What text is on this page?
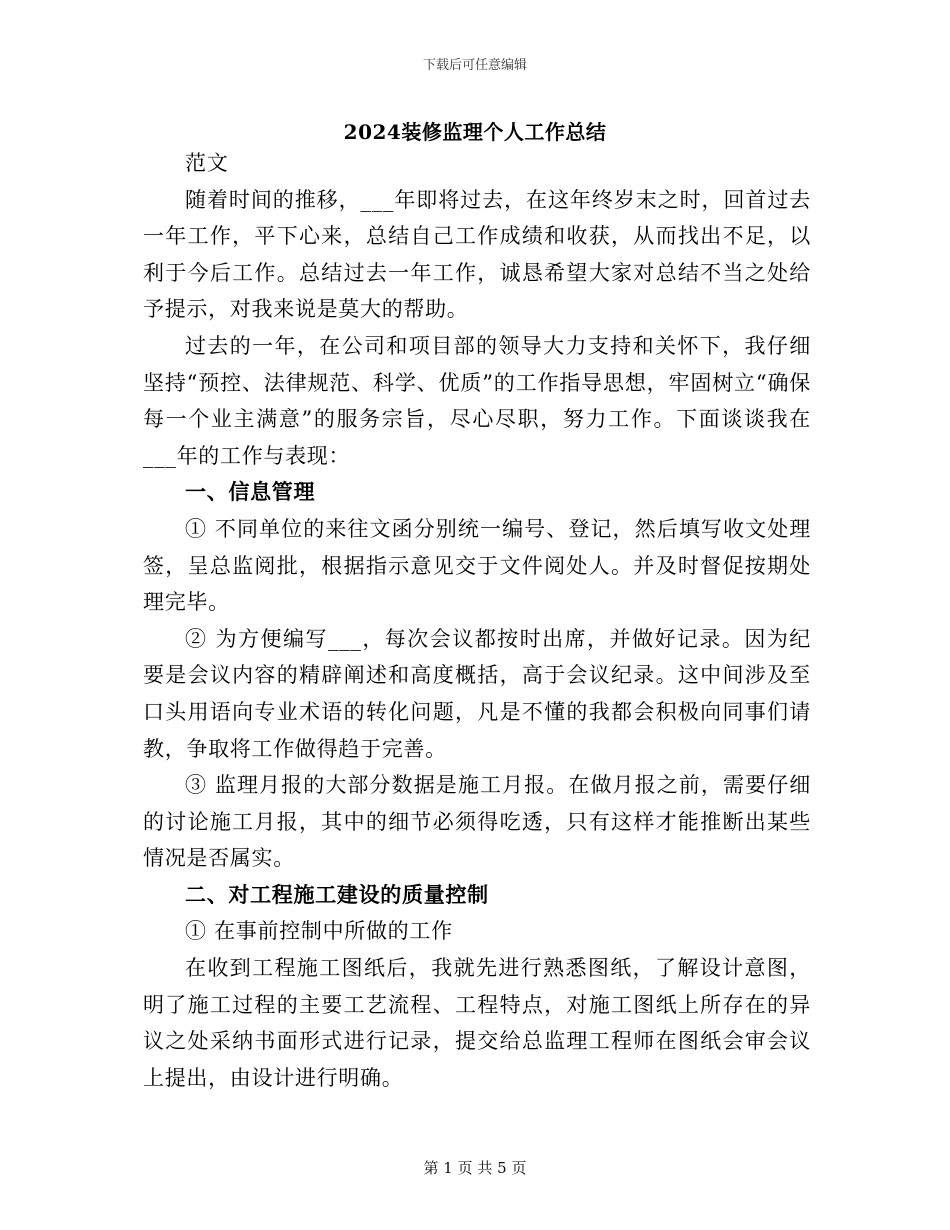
下载后可任意编辑
2024装修监理个人工作总结

范文

随着时间的推移，___年即将过去，在这年终岁末之时，回首过去一年工作，平下心来，总结自己工作成绩和收获，从而找出不足，以利于今后工作。总结过去一年工作，诚恳希望大家对总结不当之处给予提示，对我来说是莫大的帮助。

过去的一年，在公司和项目部的领导大力支持和关怀下，我仔细坚持“预控、法律规范、科学、优质”的工作指导思想，牢固树立“确保每一个业主满意”的服务宗旨，尽心尽职，努力工作。下面谈谈我在___年的工作与表现：

一、信息管理

① 不同单位的来往文函分别统一编号、登记，然后填写收文处理签，呈总监阅批，根据指示意见交于文件阅处人。并及时督促按期处理完毕。

② 为方便编写___，每次会议都按时出席，并做好记录。因为纪要是会议内容的精辟阐述和高度概括，高于会议纪录。这中间涉及至口头用语向专业术语的转化问题，凡是不懂的我都会积极向同事们请教，争取将工作做得趋于完善。

③ 监理月报的大部分数据是施工月报。在做月报之前，需要仔细的讨论施工月报，其中的细节必须得吃透，只有这样才能推断出某些情况是否属实。

二、对工程施工建设的质量控制

① 在事前控制中所做的工作

在收到工程施工图纸后，我就先进行熟悉图纸，了解设计意图，明了施工过程的主要工艺流程、工程特点，对施工图纸上所存在的异议之处采纳书面形式进行记录，提交给总监理工程师在图纸会审会议上提出，由设计进行明确。

第 1 页 共 5 页
